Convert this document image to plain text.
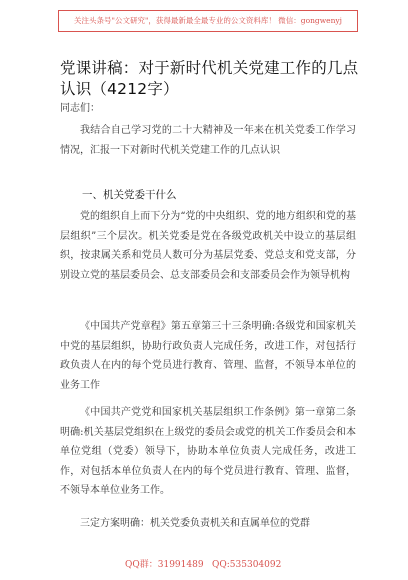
关注头条号"公文研究"，获得最新最全最专业的公文资料库！ 微信：gongwenyj
党课讲稿：对于新时代机关党建工作的几点认识（4212字）
同志们：

我结合自己学习党的二十大精神及一年来在机关党委工作学习情况，汇报一下对新时代机关党建工作的几点认识

一、机关党委干什么

党的组织自上而下分为“党的中央组织、党的地方组织和党的基层组织”三个层次。机关党委是党在各级党政机关中设立的基层组织，按隶属关系和党员人数可分为基层党委、党总支和党支部，分别设立党的基层委员会、总支部委员会和支部委员会作为领导机构

《中国共产党章程》第五章第三十三条明确:各级党和国家机关中党的基层组织，协助行政负责人完成任务，改进工作，对包括行政负责人在内的每个党员进行教育、管理、监督，不领导本单位的业务工作

《中国共产党党和国家机关基层组织工作条例》第一章第二条明确:机关基层党组织在上级党的委员会或党的机关工作委员会和本单位党组（党委）领导下，协助本单位负责人完成任务，改进工作，对包括本单位负责人在内的每个党员进行教育、管理、监督，不领导本单位业务工作。

三定方案明确：机关党委负责机关和直属单位的党群

QQ群：31991489 QQ:535304092
